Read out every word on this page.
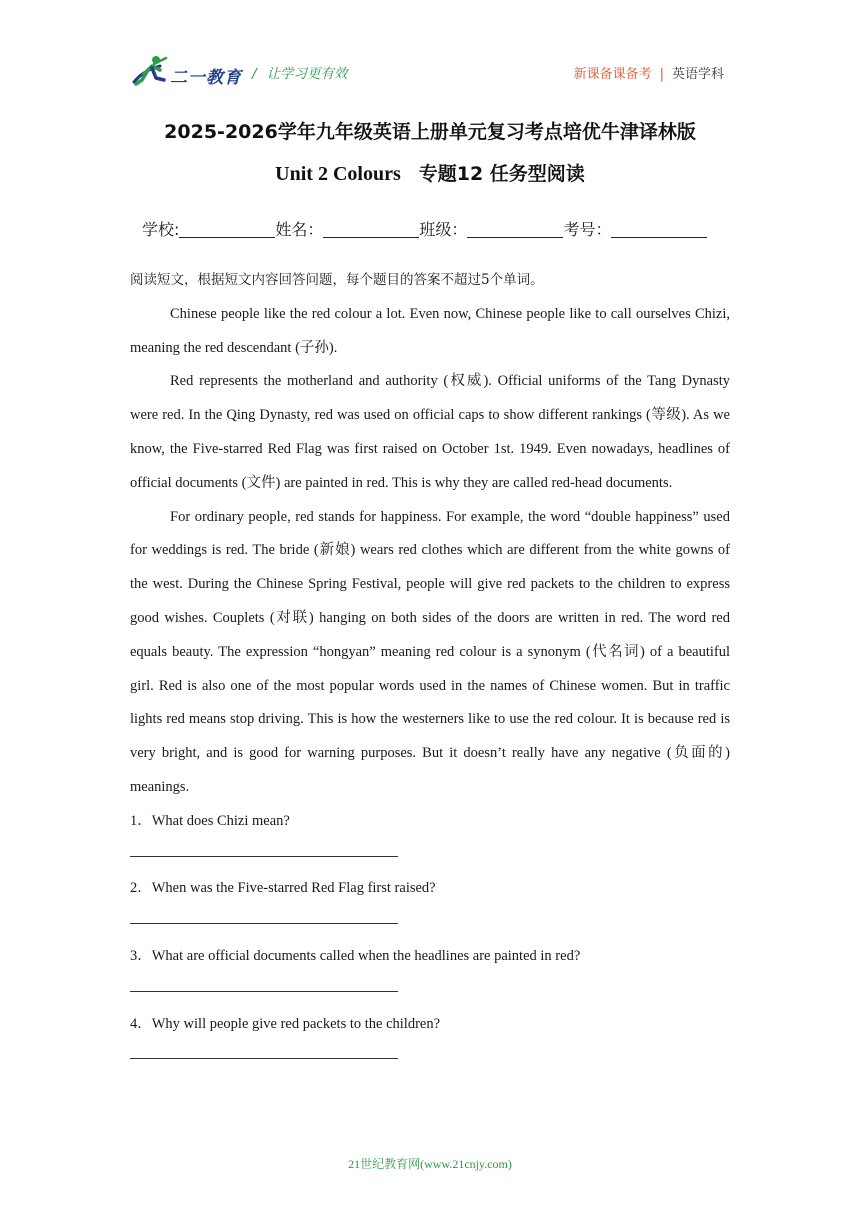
二一教育 / 让学习更有效	新课备课备考 | 英语学科
2025-2026学年九年级英语上册单元复习考点培优牛津译林版
Unit 2 Colours 专题12 任务型阅读
学校:	姓名：	班级：	考号：
阅读短文，根据短文内容回答问题，每个题目的答案不超过5个单词。

Chinese people like the red colour a lot. Even now, Chinese people like to call ourselves Chizi, meaning the red descendant (子孙).

Red represents the motherland and authority (权威). Official uniforms of the Tang Dynasty were red. In the Qing Dynasty, red was used on official caps to show different rankings (等级). As we know, the Five-starred Red Flag was first raised on October 1st. 1949. Even nowadays, headlines of official documents (文件) are painted in red. This is why they are called red-head documents.

For ordinary people, red stands for happiness. For example, the word “double happiness” used for weddings is red. The bride (新娘) wears red clothes which are different from the white gowns of the west. During the Chinese Spring Festival, people will give red packets to the children to express good wishes. Couplets (对联) hanging on both sides of the doors are written in red. The word red equals beauty. The expression “hongyan” meaning red colour is a synonym (代名词) of a beautiful girl. Red is also one of the most popular words used in the names of Chinese women. But in traffic lights red means stop driving. This is how the westerners like to use the red colour. It is because red is very bright, and is good for warning purposes. But it doesn’t really have any negative (负面的) meanings.

1．What does Chizi mean?
2．When was the Five-starred Red Flag first raised?
3．What are official documents called when the headlines are painted in red?
4．Why will people give red packets to the children?
21世纪教育网(www.21cnjy.com)
